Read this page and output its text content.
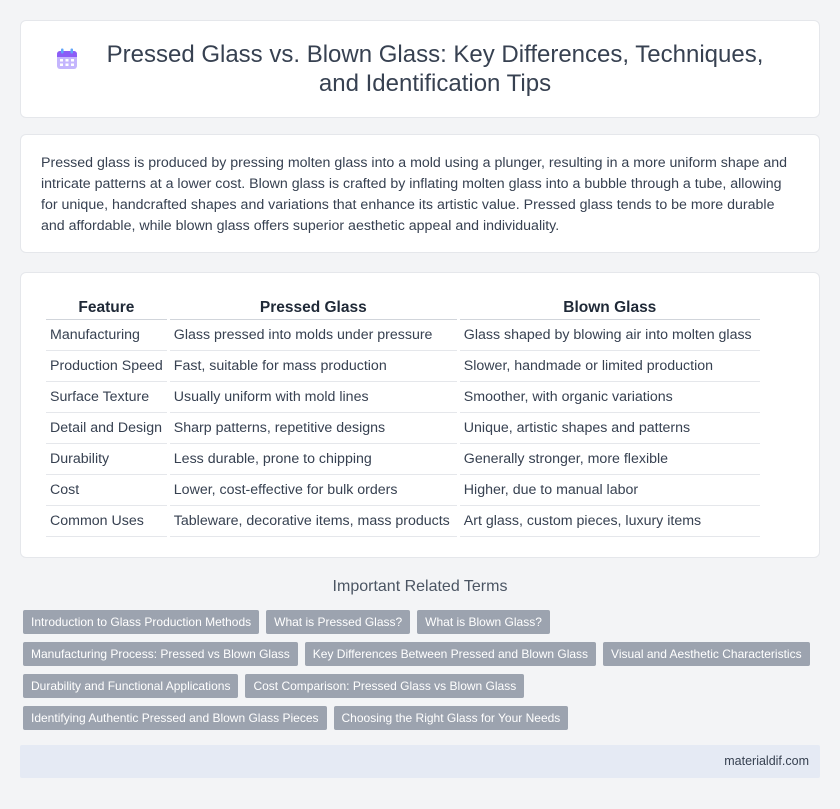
Pressed Glass vs. Blown Glass: Key Differences, Techniques, and Identification Tips

Pressed glass is produced by pressing molten glass into a mold using a plunger, resulting in a more uniform shape and intricate patterns at a lower cost. Blown glass is crafted by inflating molten glass into a bubble through a tube, allowing for unique, handcrafted shapes and variations that enhance its artistic value. Pressed glass tends to be more durable and affordable, while blown glass offers superior aesthetic appeal and individuality.

Feature	Pressed Glass	Blown Glass
Manufacturing	Glass pressed into molds under pressure	Glass shaped by blowing air into molten glass
Production Speed	Fast, suitable for mass production	Slower, handmade or limited production
Surface Texture	Usually uniform with mold lines	Smoother, with organic variations
Detail and Design	Sharp patterns, repetitive designs	Unique, artistic shapes and patterns
Durability	Less durable, prone to chipping	Generally stronger, more flexible
Cost	Lower, cost-effective for bulk orders	Higher, due to manual labor
Common Uses	Tableware, decorative items, mass products	Art glass, custom pieces, luxury items
Important Related Terms
Introduction to Glass Production Methods	What is Pressed Glass?	What is Blown Glass?
Manufacturing Process: Pressed vs Blown Glass	Key Differences Between Pressed and Blown Glass	Visual and Aesthetic Characteristics
Durability and Functional Applications	Cost Comparison: Pressed Glass vs Blown Glass
Identifying Authentic Pressed and Blown Glass Pieces	Choosing the Right Glass for Your Needs
materialdif.com
